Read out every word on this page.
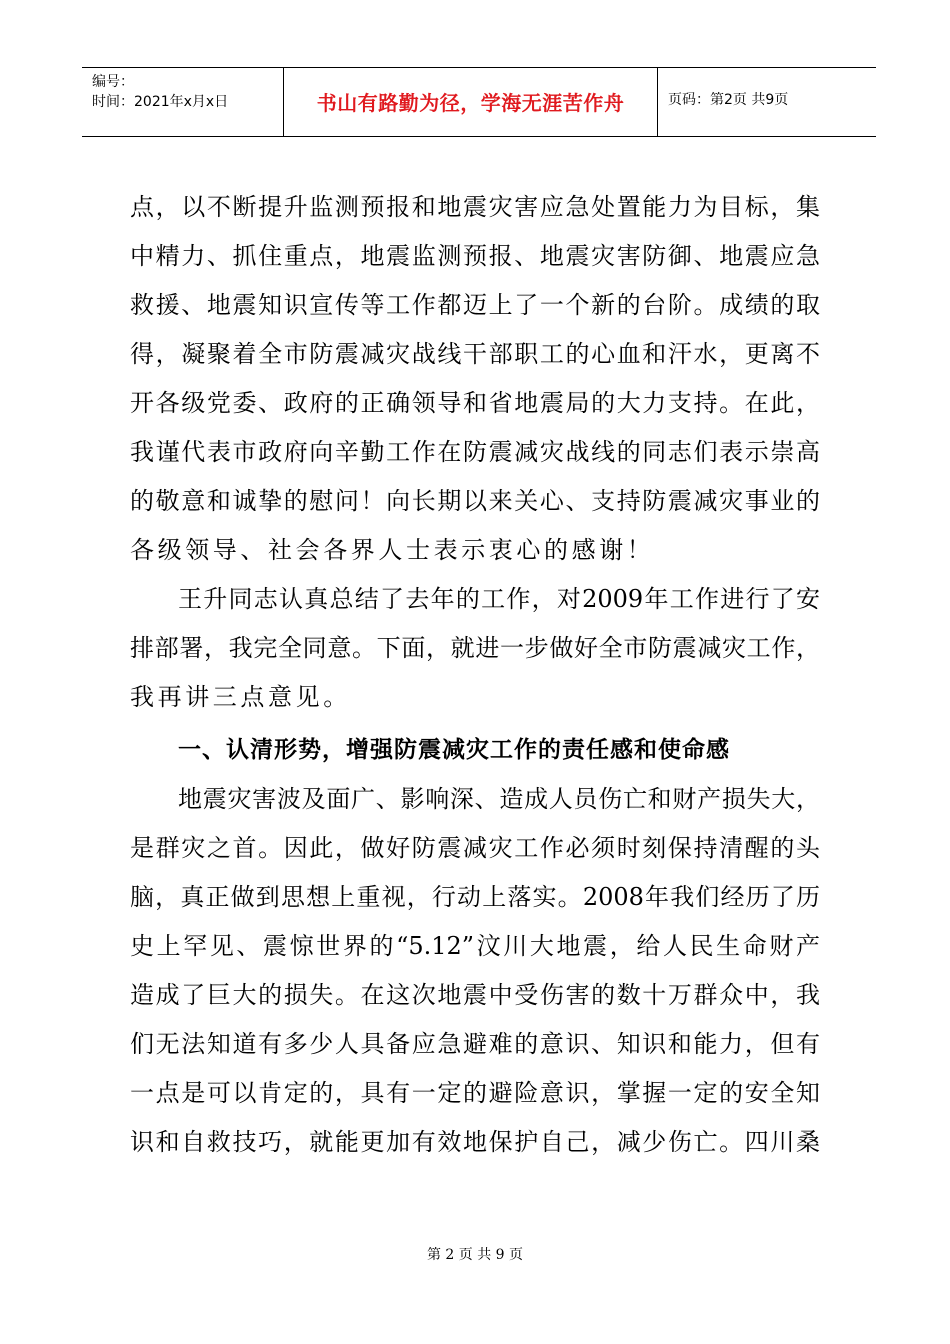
编号：
时间：2021年x月x日	书山有路勤为径，学海无涯苦作舟	页码：第2页 共9页
点，以不断提升监测预报和地震灾害应急处置能力为目标，集
中精力、抓住重点，地震监测预报、地震灾害防御、地震应急
救援、地震知识宣传等工作都迈上了一个新的台阶。成绩的取
得，凝聚着全市防震减灾战线干部职工的心血和汗水，更离不
开各级党委、政府的正确领导和省地震局的大力支持。在此，
我谨代表市政府向辛勤工作在防震减灾战线的同志们表示崇高
的敬意和诚挚的慰问！向长期以来关心、支持防震减灾事业的
各级领导、社会各界人士表示衷心的感谢！
王升同志认真总结了去年的工作，对2009年工作进行了安
排部署，我完全同意。下面，就进一步做好全市防震减灾工作，
我再讲三点意见。
一、认清形势，增强防震减灾工作的责任感和使命感
地震灾害波及面广、影响深、造成人员伤亡和财产损失大，
是群灾之首。因此，做好防震减灾工作必须时刻保持清醒的头
脑，真正做到思想上重视，行动上落实。2008年我们经历了历
史上罕见、震惊世界的“5.12”汶川大地震，给人民生命财产
造成了巨大的损失。在这次地震中受伤害的数十万群众中，我
们无法知道有多少人具备应急避难的意识、知识和能力，但有
一点是可以肯定的，具有一定的避险意识，掌握一定的安全知
识和自救技巧，就能更加有效地保护自己，减少伤亡。四川桑
第 2 页 共 9 页
